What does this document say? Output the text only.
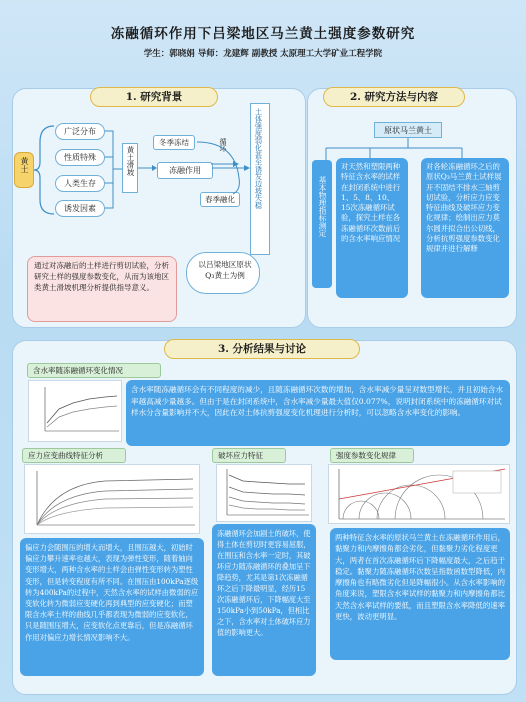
冻融循环作用下吕梁地区马兰黄土强度参数研究
学生：郭晓娟 导师：龙建辉 副教授 太原理工大学矿业工程学院
1. 研究背景
黄土
广泛分布
性质特殊
人类生存
诱发因素
黄土滑坡
冬季冻结
冻融作用
春季融化
循环	土体强度弱化甚至诱发边坡失稳
通过对冻融后的土样进行剪切试验，分析研究土样的强度参数变化，从而为该地区类黄土滑坡机理分析提供指导意义。
以吕梁地区原状Q₃黄土为例
2. 研究方法与内容
原状马兰黄土
基本物理指标测定
对天然和塑限两种特征含水率的试样在封闭系统中进行1、5、8、10、15次冻融循环试验，探究土样在各冻融循环次数前后的含水率响应情况
对各轮冻融循环之后的原状Q₃马兰黄土试样展开不固结不排水三轴剪切试验，分析应力应变特征曲线及破坏应力变化规律；绘制出应力莫尔圆并拟合出公切线，分析抗剪强度参数变化规律并进行解释
3. 分析结果与讨论
含水率随冻融循环变化情况
含水率随冻融循环会有不同程度的减少，且随冻融循环次数的增加，含水率减少量呈对数型增长，并且初始含水率越高减少量越多。但由于是在封闭系统中，含水率减少量最大值仅0.077%，说明封闭系统中的冻融循环对试样水分含量影响并不大，因此在对土体抗剪强度变化机理进行分析时，可以忽略含水率变化的影响。
应力应变曲线特征分析
偏应力会随围压的增大而增大，且围压越大，初始时偏应力攀升速率也越大，表现为弹性变形，随着轴向变形增大，两种含水率的土样会由弹性变形转为塑性变形，但是转变程度有所不同。在围压由100kPa逐级转为400kPa的过程中，天然含水率的试样由微弱的应变软化转为微弱应变硬化再到典型的应变硬化；而塑限含水率土样的曲线几乎都表现为微弱的应变软化，只是随围压增大，应变软化点更靠后，但是冻融循环作用对偏应力增长情况影响不大。
破坏应力特征
冻融循环会加剧土的破坏，使得土体在剪切时更容易屈服，在围压和含水率一定时，其破坏应力随冻融循环的叠加呈下降趋势，尤其是第1次冻融循环之后下降最明显，经历15次冻融循环后，下降幅度大至150kPa小到50kPa，但相比之下，含水率对土体破坏应力值的影响更大。
强度参数变化规律
两种特征含水率的原状马兰黄土在冻融循环作用后，黏聚力和内摩擦角都会劣化，但黏聚力劣化程度更大，两者在首次冻融循环后下降幅度最大，之后趋于稳定。黏聚力随冻融循环次数呈指数函数型降低，内摩擦角也有略微劣化但是降幅很小。从含水率影响的角度来说，塑限含水率试样的黏聚力和内摩擦角都比天然含水率试样的要低，而且塑限含水率降低的速率更快，波动更明显。
